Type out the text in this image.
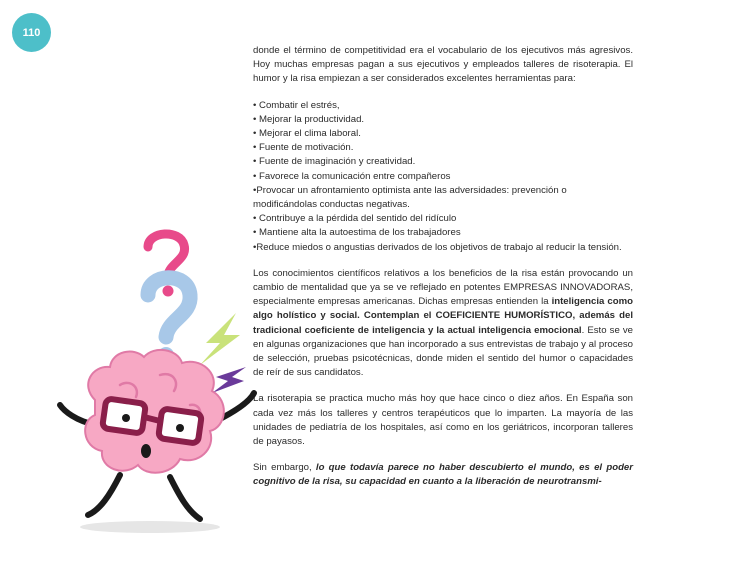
110

donde el término de competitividad era el vocabulario de los ejecutivos más agresivos. Hoy muchas empresas pagan a sus ejecutivos y empleados talleres de risoterapia. El humor y la risa empiezan a ser considerados excelentes herramientas para:

• Combatir el estrés,
• Mejorar la productividad.
• Mejorar el clima laboral.
• Fuente de motivación.
• Fuente de imaginación y creatividad.
• Favorece la comunicación entre compañeros
•Provocar un afrontamiento optimista ante las adversidades: prevención o modificándolas conductas negativas.
• Contribuye a la pérdida del sentido del ridículo
• Mantiene alta la autoestima de los trabajadores
•Reduce miedos o angustias derivados de los objetivos de trabajo al reducir la tensión.

Los conocimientos científicos relativos a los beneficios de la risa están provocando un cambio de mentalidad que ya se ve reflejado en potentes EMPRESAS INNOVADORAS, especialmente empresas americanas. Dichas empresas entienden la inteligencia como algo holístico y social. Contemplan el COEFICIENTE HUMORÍSTICO, además del tradicional coeficiente de inteligencia y la actual inteligencia emocional. Esto se ve en algunas organizaciones que han incorporado a sus entrevistas de trabajo y al proceso de selección, pruebas psicotécnicas, donde miden el sentido del humor o capacidades de reír de sus candidatos.

La risoterapia se practica mucho más hoy que hace cinco o diez años. En España son cada vez más los talleres y centros terapéuticos que lo imparten. La mayoría de las unidades de pediatría de los hospitales, así como en los geriátricos, incorporan talleres de payasos.

Sin embargo, lo que todavía parece no haber descubierto el mundo, es el poder cognitivo de la risa, su capacidad en cuanto a la liberación de neurotransmi-
